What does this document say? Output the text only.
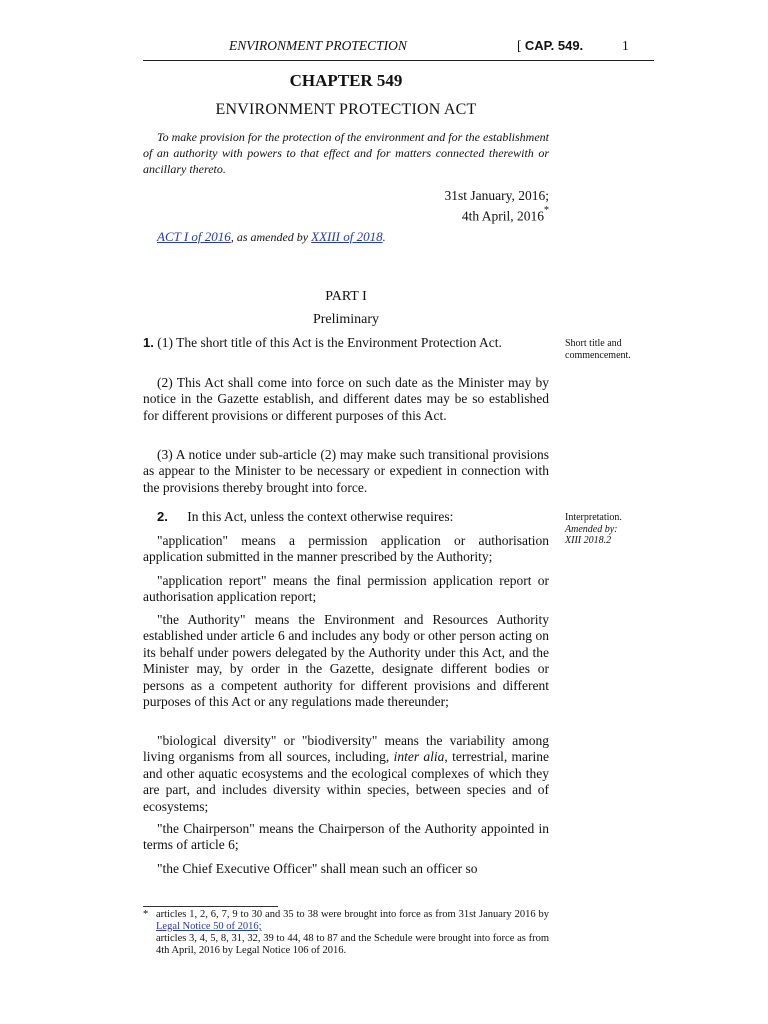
ENVIRONMENT PROTECTION	[ CAP. 549.	1
CHAPTER 549
ENVIRONMENT PROTECTION ACT
To make provision for the protection of the environment and for the establishment of an authority with powers to that effect and for matters connected therewith or ancillary thereto.
31st January, 2016;
4th April, 2016*
ACT I of 2016, as amended by XXIII of 2018.
PART I
Preliminary
1. (1) The short title of this Act is the Environment Protection Act.	Short title and commencement.
(2) This Act shall come into force on such date as the Minister may by notice in the Gazette establish, and different dates may be so established for different provisions or different purposes of this Act.
(3) A notice under sub-article (2) may make such transitional provisions as appear to the Minister to be necessary or expedient in connection with the provisions thereby brought into force.
2. In this Act, unless the context otherwise requires:	Interpretation.
Amended by:
XIII 2018.2
"application" means a permission application or authorisation application submitted in the manner prescribed by the Authority;
"application report" means the final permission application report or authorisation application report;
"the Authority" means the Environment and Resources Authority established under article 6 and includes any body or other person acting on its behalf under powers delegated by the Authority under this Act, and the Minister may, by order in the Gazette, designate different bodies or persons as a competent authority for different provisions and different purposes of this Act or any regulations made thereunder;
"biological diversity" or "biodiversity" means the variability among living organisms from all sources, including, inter alia, terrestrial, marine and other aquatic ecosystems and the ecological complexes of which they are part, and includes diversity within species, between species and of ecosystems;
"the Chairperson" means the Chairperson of the Authority appointed in terms of article 6;
"the Chief Executive Officer" shall mean such an officer so
* articles 1, 2, 6, 7, 9 to 30 and 35 to 38 were brought into force as from 31st January 2016 by Legal Notice 50 of 2016;
articles 3, 4, 5, 8, 31, 32, 39 to 44, 48 to 87 and the Schedule were brought into force as from 4th April, 2016 by Legal Notice 106 of 2016.
